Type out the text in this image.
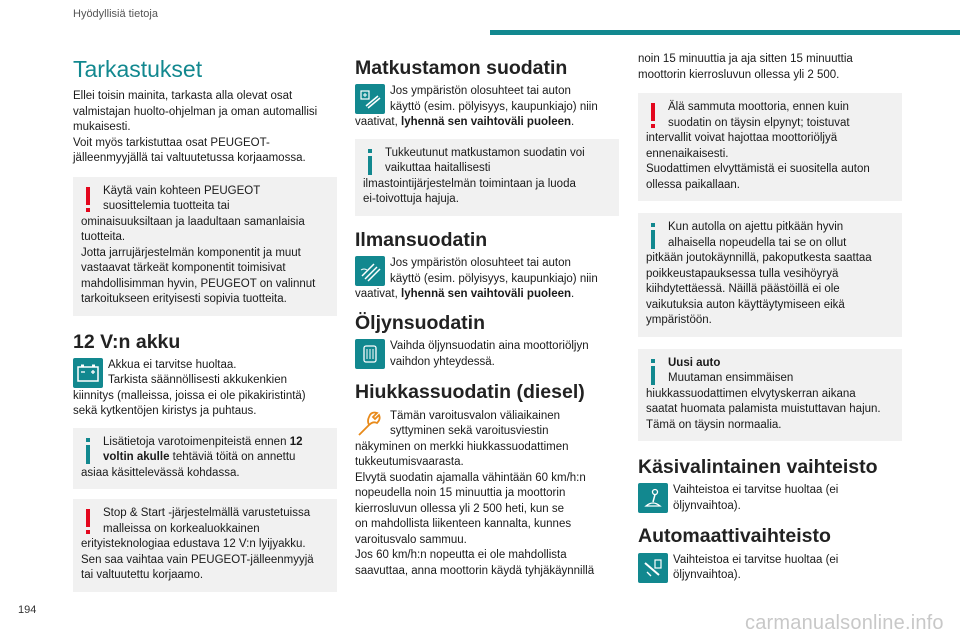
Hyödyllisiä tietoja
Tarkastukset

Ellei toisin mainita, tarkasta alla olevat osat
valmistajan huolto-ohjelman ja oman automallisi
mukaisesti.
Voit myös tarkistuttaa osat PEUGEOT-
jälleenmyyjällä tai valtuutetussa korjaamossa.

Käytä vain kohteen PEUGEOT
suosittelemia tuotteita tai
ominaisuuksiltaan ja laadultaan samanlaisia
tuotteita.
Jotta jarrujärjestelmän komponentit ja muut
vastaavat tärkeät komponentit toimisivat
mahdollisimman hyvin, PEUGEOT on valinnut
tarkoitukseen erityisesti sopivia tuotteita.

12 V:n akku

Akkua ei tarvitse huoltaa.
Tarkista säännöllisesti akkukenkien

kiinnitys (malleissa, joissa ei ole pikakiristintä)
sekä kytkentöjen kiristys ja puhtaus.

Lisätietoja varotoimenpiteistä ennen 12
voltin akulle tehtäviä töitä on annettu
asiaa käsittelevässä kohdassa.

Stop & Start -järjestelmällä varustetuissa
malleissa on korkealuokkainen
erityisteknologiaa edustava 12 V:n lyijyakku.
Sen saa vaihtaa vain PEUGEOT-jälleenmyyjä
tai valtuutettu korjaamo.

Matkustamon suodatin

Jos ympäristön olosuhteet tai auton
käyttö (esim. pölyisyys, kaupunkiajo) niin

vaativat, lyhennä sen vaihtoväli puoleen.

Tukkeutunut matkustamon suodatin voi
vaikuttaa haitallisesti
ilmastointijärjestelmän toimintaan ja luoda
ei-toivottuja hajuja.

Ilmansuodatin

Jos ympäristön olosuhteet tai auton
käyttö (esim. pölyisyys, kaupunkiajo) niin

vaativat, lyhennä sen vaihtoväli puoleen.

Öljynsuodatin

Vaihda öljynsuodatin aina moottoriöljyn
vaihdon yhteydessä.

Hiukkassuodatin (diesel)

Tämän varoitusvalon väliaikainen
syttyminen sekä varoitusviestin

näkyminen on merkki hiukkassuodattimen
tukkeutumisvaarasta.
Elvytä suodatin ajamalla vähintään 60 km/h:n
nopeudella noin 15 minuuttia ja moottorin
kierrosluvun ollessa yli 2 500 heti, kun se
on mahdollista liikenteen kannalta, kunnes
varoitusvalo sammuu.
Jos 60 km/h:n nopeutta ei ole mahdollista
saavuttaa, anna moottorin käydä tyhjäkäynnillä

noin 15 minuuttia ja aja sitten 15 minuuttia
moottorin kierrosluvun ollessa yli 2 500.

Älä sammuta moottoria, ennen kuin
suodatin on täysin elpynyt; toistuvat
intervallit voivat hajottaa moottoriöljyä
ennenaikaisesti.
Suodattimen elvyttämistä ei suositella auton
ollessa paikallaan.

Kun autolla on ajettu pitkään hyvin
alhaisella nopeudella tai se on ollut
pitkään joutokäynnillä, pakoputkesta saattaa
poikkeustapauksessa tulla vesihöyryä
kiihdytettäessä. Näillä päästöillä ei ole
vaikutuksia auton käyttäytymiseen eikä
ympäristöön.

Uusi auto
Muutaman ensimmäisen
hiukkassuodattimen elvytyskerran aikana
saatat huomata palamista muistuttavan hajun.
Tämä on täysin normaalia.

Käsivalintainen vaihteisto

Vaihteistoa ei tarvitse huoltaa (ei
öljynvaihtoa).

Automaattivaihteisto

Vaihteistoa ei tarvitse huoltaa (ei
öljynvaihtoa).

194
carmanualsonline.info
